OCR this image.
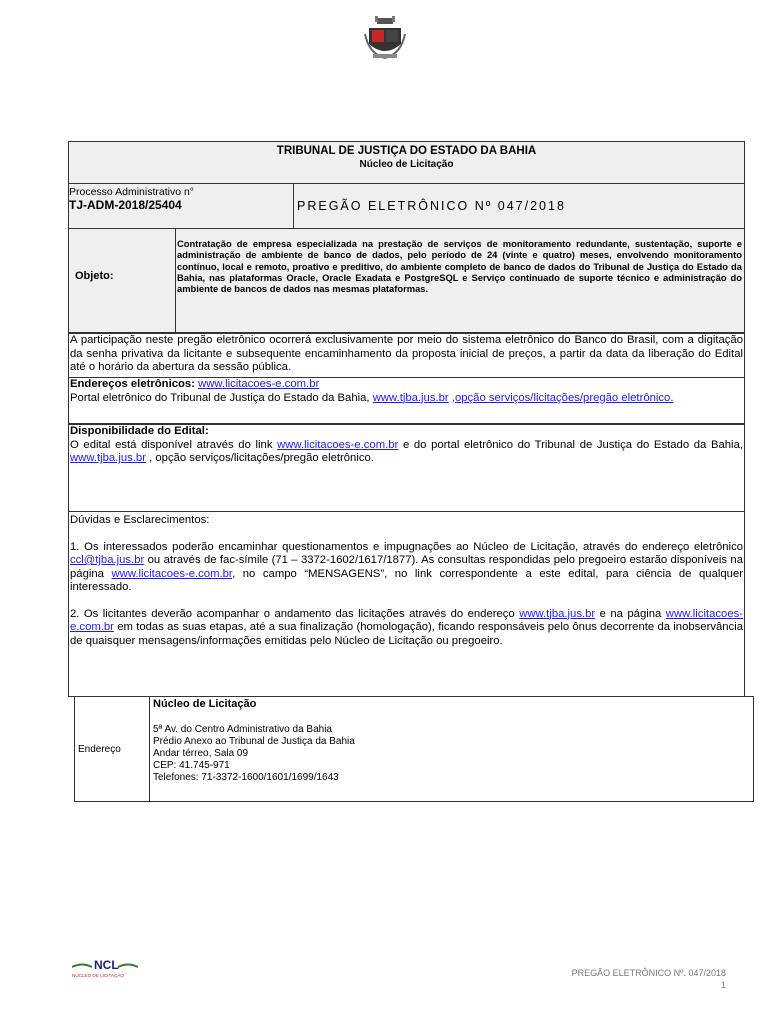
TRIBUNAL DE JUSTIÇA DO ESTADO DA BAHIA
Núcleo de Licitação
Processo Administrativo n°
TJ-ADM-2018/25404	PREGÃO ELETRÔNICO Nº 047/2018
Objeto:
Contratação de empresa especializada na prestação de serviços de monitoramento redundante, sustentação, suporte e administração de ambiente de banco de dados, pelo período de 24 (vinte e quatro) meses, envolvendo monitoramento contínuo, local e remoto, proativo e preditivo, do ambiente completo de banco de dados do Tribunal de Justiça do Estado da Bahia, nas plataformas Oracle, Oracle Exadata e PostgreSQL e Serviço continuado de suporte técnico e administração do ambiente de bancos de dados nas mesmas plataformas.
A participação neste pregão eletrônico ocorrerá exclusivamente por meio do sistema eletrônico do Banco do Brasil, com a digitação da senha privativa da licitante e subsequente encaminhamento da proposta inicial de preços, a partir da data da liberação do Edital até o horário da abertura da sessão pública.
Endereços eletrônicos: www.licitacoes-e.com.br
Portal eletrônico do Tribunal de Justiça do Estado da Bahia, www.tjba.jus.br ,opção serviços/licitações/pregão eletrônico.
Disponibilidade do Edital:
O edital está disponível através do link www.licitacoes-e.com.br e do portal eletrônico do Tribunal de Justiça do Estado da Bahia, www.tjba.jus.br , opção serviços/licitações/pregão eletrônico.
Dúvidas e Esclarecimentos:
1. Os interessados poderão encaminhar questionamentos e impugnações ao Núcleo de Licitação, através do endereço eletrônico ccl@tjba.jus.br ou através de fac-símile (71 – 3372-1602/1617/1877). As consultas respondidas pelo pregoeiro estarão disponíveis na página www.licitacoes-e.com.br, no campo “MENSAGENS”, no link correspondente a este edital, para ciência de qualquer interessado.
2. Os licitantes deverão acompanhar o andamento das licitações através do endereço www.tjba.jus.br e na página www.licitacoes-e.com.br em todas as suas etapas, até a sua finalização (homologação), ficando responsáveis pelo ônus decorrente da inobservância de quaisquer mensagens/informações emitidas pelo Núcleo de Licitação ou pregoeiro.
Endereço
Núcleo de Licitação
5ª Av. do Centro Administrativo da Bahia
Prédio Anexo ao Tribunal de Justiça da Bahia
Andar térreo, Sala 09
CEP: 41.745-971
Telefones: 71-3372-1600/1601/1699/1643
NCL
NÚCLEO DE LICITAÇÃO	PREGÃO ELETRÔNICO Nº. 047/2018
1
